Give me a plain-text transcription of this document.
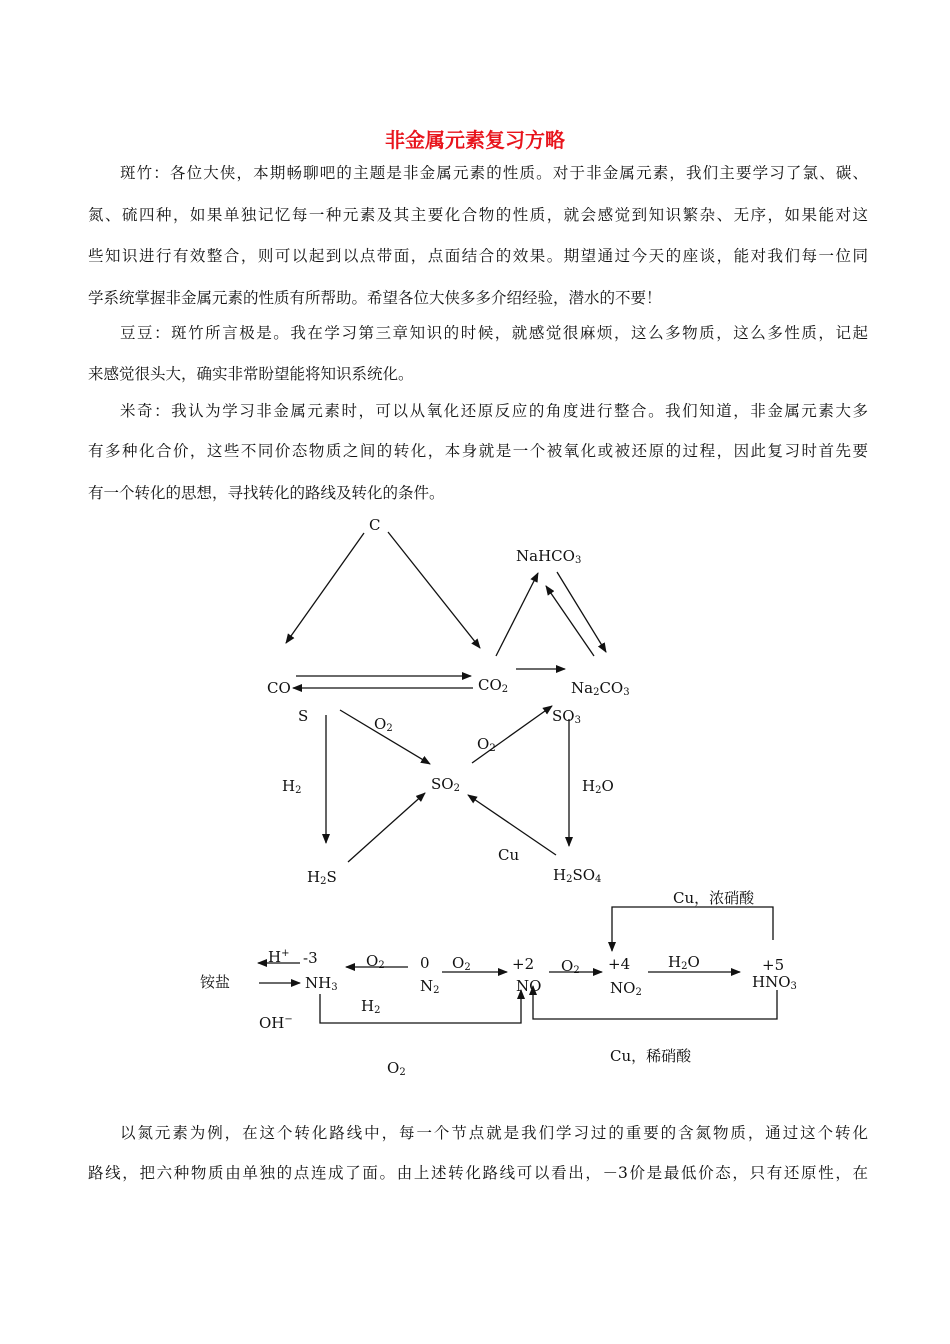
非金属元素复习方略
斑竹：各位大侠，本期畅聊吧的主题是非金属元素的性质。对于非金属元素，我们主要学习了氯、碳、
氮、硫四种，如果单独记忆每一种元素及其主要化合物的性质，就会感觉到知识繁杂、无序，如果能对这
些知识进行有效整合，则可以起到以点带面，点面结合的效果。期望通过今天的座谈，能对我们每一位同
学系统掌握非金属元素的性质有所帮助。希望各位大侠多多介绍经验，潜水的不要！
豆豆：斑竹所言极是。我在学习第三章知识的时候，就感觉很麻烦，这么多物质，这么多性质，记起
来感觉很头大，确实非常盼望能将知识系统化。
米奇：我认为学习非金属元素时，可以从氧化还原反应的角度进行整合。我们知道，非金属元素大多
有多种化合价，这些不同价态物质之间的转化，本身就是一个被氧化或被还原的过程，因此复习时首先要
有一个转化的思想，寻找转化的路线及转化的条件。
以氮元素为例，在这个转化路线中，每一个节点就是我们学习过的重要的含氮物质，通过这个转化
路线，把六种物质由单独的点连成了面。由上述转化路线可以看出，－3价是最低价态，只有还原性，在
C
NaHCO3
CO	CO2	Na2CO3
S	O2
SO3
O2
SO2
H2	H2O
Cu
H2S	H2SO4
Cu，浓硝酸
H+ -3	O2 0 O2	+2 O2 +4	H2O	+5
铵盐	NH3	N2	NO	NO2
HNO3
H2
OH−
Cu，稀硝酸
O2
